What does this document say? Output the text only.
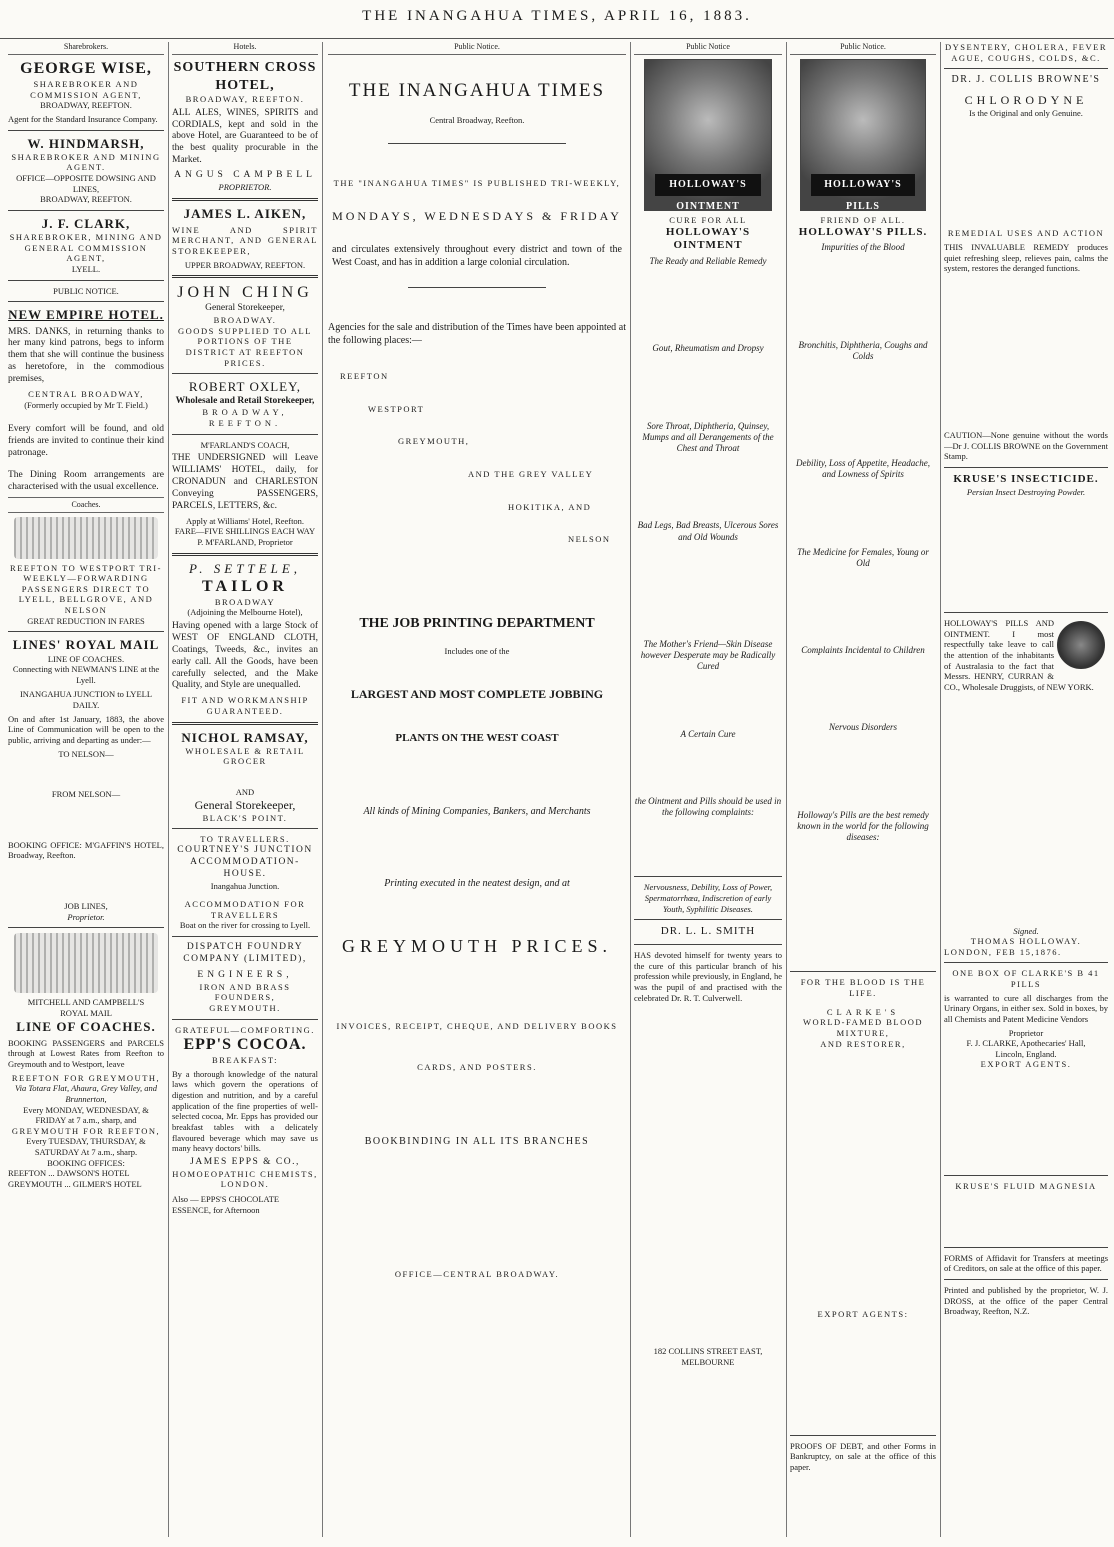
THE INANGAHUA TIMES, APRIL 16, 1883.
Sharebrokers.
GEORGE WISE,
SHAREBROKER AND COMMISSION AGENT,
BROADWAY, REEFTON.
Agent for the Standard Insurance Company.
W. HINDMARSH,
SHAREBROKER AND MINING AGENT.
OFFICE—OPPOSITE DOWSING AND LINES,
BROADWAY, REEFTON.
J. F. CLARK,
SHAREBROKER, MINING AND GENERAL COMMISSION AGENT,
LYELL.
PUBLIC NOTICE.
NEW EMPIRE HOTEL.
MRS. DANKS, in returning thanks to her many kind patrons, begs to inform them that she will continue the business as heretofore, in the commodious premises,
CENTRAL BROADWAY,
(Formerly occupied by Mr T. Field.)
Every comfort will be found, and old friends are invited to continue their kind patronage.
The Dining Room arrangements are characterised with the usual excellence.
Coaches.
REEFTON TO WESTPORT TRI-WEEKLY—FORWARDING PASSENGERS DIRECT TO LYELL, BELLGROVE, AND NELSON
GREAT REDUCTION IN FARES
LINES' ROYAL MAIL
LINE OF COACHES.
Connecting with NEWMAN'S LINE at the Lyell.
INANGAHUA JUNCTION to LYELL DAILY.
On and after 1st January, 1883, the above Line of Communication will be open to the public, arriving and departing as under:—
TO NELSON—
FROM NELSON—
BOOKING OFFICE: M'GAFFIN'S HOTEL, Broadway, Reefton.
JOB LINES,
Proprietor.
MITCHELL AND CAMPBELL'S
ROYAL MAIL
LINE OF COACHES.
BOOKING PASSENGERS and PARCELS through at Lowest Rates from Reefton to Greymouth and to Westport, leave
REEFTON FOR GREYMOUTH,
Via Totara Flat, Ahaura, Grey Valley, and Brunnerton,
Every MONDAY, WEDNESDAY, & FRIDAY at 7 a.m., sharp, and
GREYMOUTH FOR REEFTON,
Every TUESDAY, THURSDAY, & SATURDAY At 7 a.m., sharp.
BOOKING OFFICES:
REEFTON ... DAWSON'S HOTEL
GREYMOUTH ... GILMER'S HOTEL
Hotels.
SOUTHERN CROSS HOTEL,
BROADWAY, REEFTON.
ALL ALES, WINES, SPIRITS and CORDIALS, kept and sold in the above Hotel, are Guaranteed to be of the best quality procurable in the Market.
ANGUS CAMPBELL
PROPRIETOR.
JAMES L. AIKEN,
WINE AND SPIRIT MERCHANT, AND GENERAL STOREKEEPER,
UPPER BROADWAY, REEFTON.
JOHN CHING
General Storekeeper,
BROADWAY.
GOODS SUPPLIED TO ALL PORTIONS OF THE DISTRICT AT REEFTON PRICES.
ROBERT OXLEY,
Wholesale and Retail Storekeeper,
BROADWAY, REEFTON.
M'FARLAND'S COACH,
THE UNDERSIGNED will Leave WILLIAMS' HOTEL, daily, for CRONADUN and CHARLESTON Conveying PASSENGERS, PARCELS, LETTERS, &c.
Apply at Williams' Hotel, Reefton.
FARE—FIVE SHILLINGS EACH WAY
P. M'FARLAND, Proprietor
P. SETTELE,
TAILOR
BROADWAY
(Adjoining the Melbourne Hotel),
Having opened with a large Stock of WEST OF ENGLAND CLOTH, Coatings, Tweeds, &c., invites an early call. All the Goods, have been carefully selected, and the Make Quality, and Style are unequalled.
FIT AND WORKMANSHIP GUARANTEED.
NICHOL RAMSAY,
WHOLESALE & RETAIL GROCER
AND
General Storekeeper,
BLACK'S POINT.
TO TRAVELLERS.
COURTNEY'S JUNCTION ACCOMMODATION-HOUSE.
Inangahua Junction.
ACCOMMODATION FOR TRAVELLERS
Boat on the river for crossing to Lyell.
DISPATCH FOUNDRY COMPANY (LIMITED),
ENGINEERS,
IRON AND BRASS FOUNDERS,
GREYMOUTH.
GRATEFUL—COMFORTING.
EPP'S COCOA.
BREAKFAST:
By a thorough knowledge of the natural laws which govern the operations of digestion and nutrition, and by a careful application of the fine properties of well-selected cocoa, Mr. Epps has provided our breakfast tables with a delicately flavoured beverage which may save us many heavy doctors' bills.
JAMES EPPS & CO.,
HOMOEOPATHIC CHEMISTS,
LONDON.
Also — EPPS'S CHOCOLATE ESSENCE, for Afternoon
Public Notice.
THE INANGAHUA TIMES
Central Broadway, Reefton.
THE "INANGAHUA TIMES" IS PUBLISHED TRI-WEEKLY,
MONDAYS, WEDNESDAYS & FRIDAY
and circulates extensively throughout every district and town of the West Coast, and has in addition a large colonial circulation.
Agencies for the sale and distribution of the Times have been appointed at the following places:—
REEFTON
WESTPORT
GREYMOUTH,
AND THE GREY VALLEY
HOKITIKA, AND
NELSON
THE JOB PRINTING DEPARTMENT
Includes one of the
LARGEST AND MOST COMPLETE JOBBING
PLANTS ON THE WEST COAST
All kinds of Mining Companies, Bankers, and Merchants
Printing executed in the neatest design, and at
GREYMOUTH PRICES.
INVOICES, RECEIPT, CHEQUE, AND DELIVERY BOOKS
CARDS, AND POSTERS.
BOOKBINDING IN ALL ITS BRANCHES
OFFICE—CENTRAL BROADWAY.
Public Notice
HOLLOWAY'S OINTMENT
CURE FOR ALL
HOLLOWAY'S OINTMENT
The Ready and Reliable Remedy
Gout, Rheumatism and Dropsy
Sore Throat, Diphtheria, Quinsey, Mumps and all Derangements of the Chest and Throat
Bad Legs, Bad Breasts, Ulcerous Sores and Old Wounds
The Mother's Friend—Skin Disease however Desperate may be Radically Cured
A Certain Cure
the Ointment and Pills should be used in the following complaints:
Nervousness, Debility, Loss of Power, Spermatorrhœa, Indiscretion of early Youth, Syphilitic Diseases.
DR. L. L. SMITH
HAS devoted himself for twenty years to the cure of this particular branch of his profession while previously, in England, he was the pupil of and practised with the celebrated Dr. R. T. Culverwell.
182 COLLINS STREET EAST, MELBOURNE
Public Notice.
HOLLOWAY'S PILLS
FRIEND OF ALL.
HOLLOWAY'S PILLS.
Impurities of the Blood
Bronchitis, Diphtheria, Coughs and Colds
Debility, Loss of Appetite, Headache, and Lowness of Spirits
The Medicine for Females, Young or Old
Complaints Incidental to Children
Nervous Disorders
Holloway's Pills are the best remedy known in the world for the following diseases:
FOR THE BLOOD IS THE LIFE.
CLARKE'S
WORLD-FAMED BLOOD MIXTURE,
AND RESTORER,
EXPORT AGENTS:
PROOFS OF DEBT, and other Forms in Bankruptcy, on sale at the office of this paper.
DYSENTERY, CHOLERA, FEVER AGUE, COUGHS, COLDS, &C.
DR. J. COLLIS BROWNE'S
CHLORODYNE
Is the Original and only Genuine.
REMEDIAL USES AND ACTION
THIS INVALUABLE REMEDY produces quiet refreshing sleep, relieves pain, calms the system, restores the deranged functions.
CAUTION—None genuine without the words—Dr J. COLLIS BROWNE on the Government Stamp.
KRUSE'S INSECTICIDE.
Persian Insect Destroying Powder.
HOLLOWAY'S PILLS AND OINTMENT. I most respectfully take leave to call the attention of the inhabitants of Australasia to the fact that Messrs. HENRY, CURRAN & CO., Wholesale Druggists, of NEW YORK.
Signed.
THOMAS HOLLOWAY.
LONDON, FEB 15,1876.
ONE BOX OF CLARKE'S B 41 PILLS
is warranted to cure all discharges from the Urinary Organs, in either sex. Sold in boxes, by all Chemists and Patent Medicine Vendors
Proprietor
F. J. CLARKE, Apothecaries' Hall,
Lincoln, England.
EXPORT AGENTS.
KRUSE'S FLUID MAGNESIA
FORMS of Affidavit for Transfers at meetings of Creditors, on sale at the office of this paper.
Printed and published by the proprietor, W. J. DROSS, at the office of the paper Central Broadway, Reefton, N.Z.
